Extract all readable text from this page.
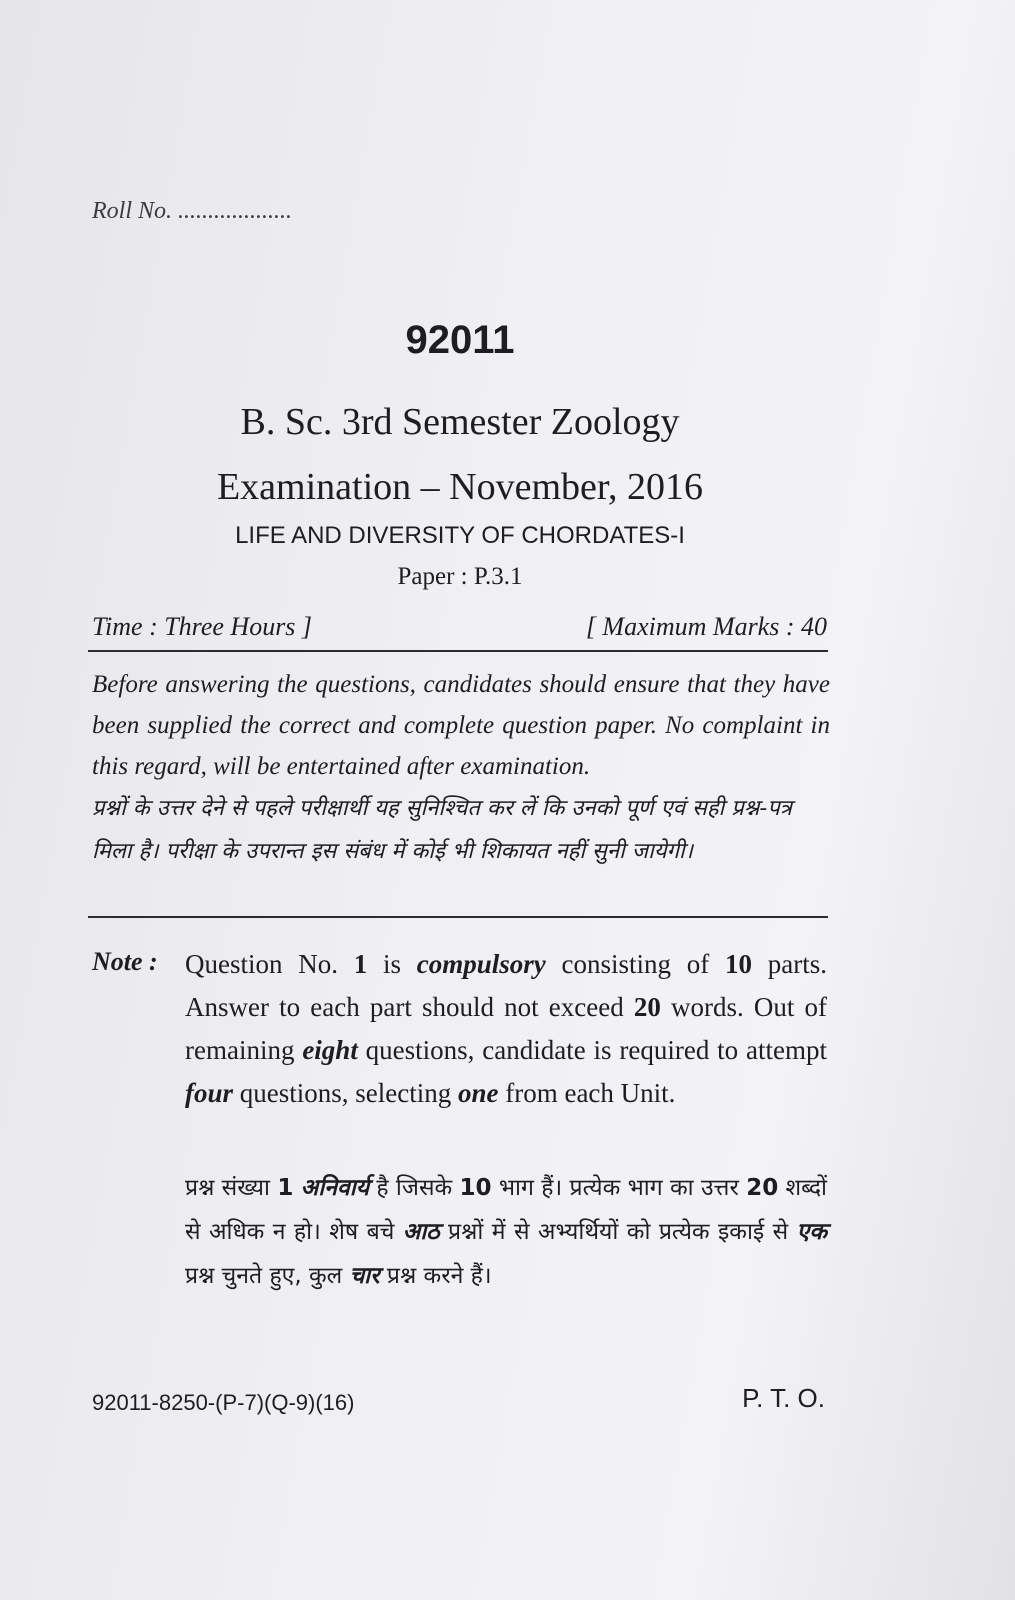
Roll No. ...................
92011
B. Sc. 3rd Semester Zoology
Examination – November, 2016
LIFE AND DIVERSITY OF CHORDATES-I
Paper : P.3.1
Time : Three Hours ]	[ Maximum Marks : 40
Before answering the questions, candidates should ensure that they have been supplied the correct and complete question paper. No complaint in this regard, will be entertained after examination.
प्रश्नों के उत्तर देने से पहले परीक्षार्थी यह सुनिश्चित कर लें कि उनको पूर्ण एवं सही प्रश्न-पत्र मिला है। परीक्षा के उपरान्त इस संबंध में कोई भी शिकायत नहीं सुनी जायेगी।
Note : Question No. 1 is compulsory consisting of 10 parts. Answer to each part should not exceed 20 words. Out of remaining eight questions, candidate is required to attempt four questions, selecting one from each Unit.
प्रश्न संख्या 1 अनिवार्य है जिसके 10 भाग हैं। प्रत्येक भाग का उत्तर 20 शब्दों से अधिक न हो। शेष बचे आठ प्रश्नों में से अभ्यर्थियों को प्रत्येक इकाई से एक प्रश्न चुनते हुए, कुल चार प्रश्न करने हैं।
92011-8250-(P-7)(Q-9)(16)	P. T. O.
